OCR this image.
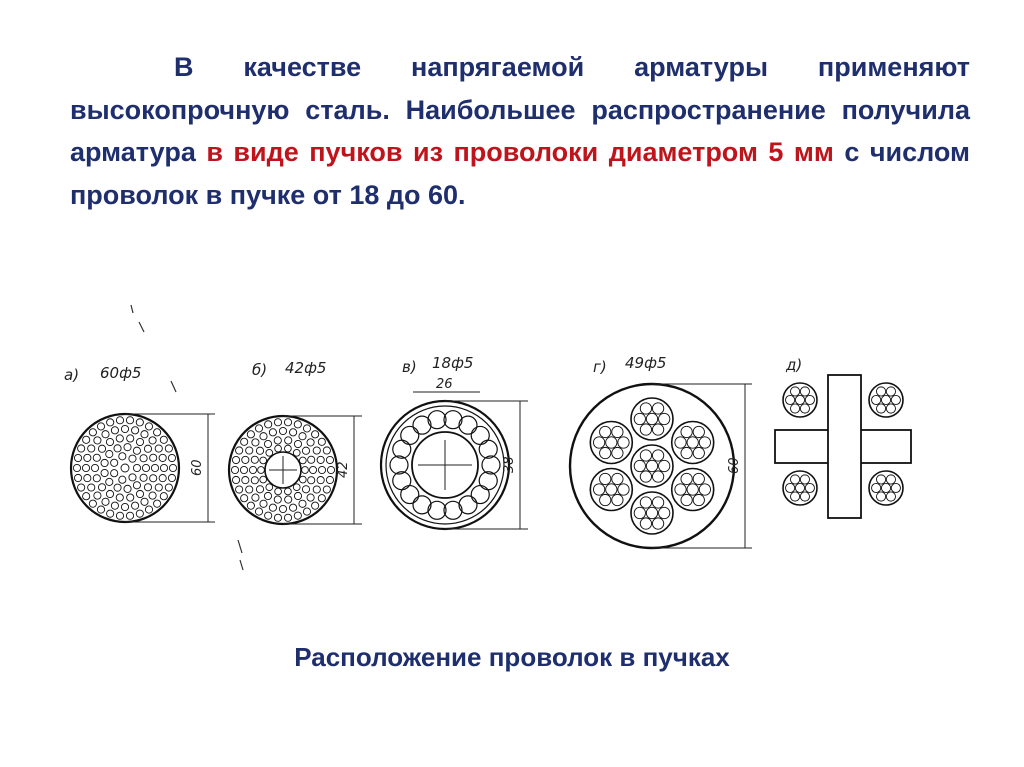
В качестве напрягаемой арматуры применяют высокопрочную сталь. Наибольшее распространение получила арматура в виде пучков из проволоки диаметром 5 мм с числом проволок в пучке от 18 до 60.
а) 60ф5
60
б) 42ф5
42
в) 18ф5
26
38
г) 49ф5
60
д)
Расположение проволок в пучках
